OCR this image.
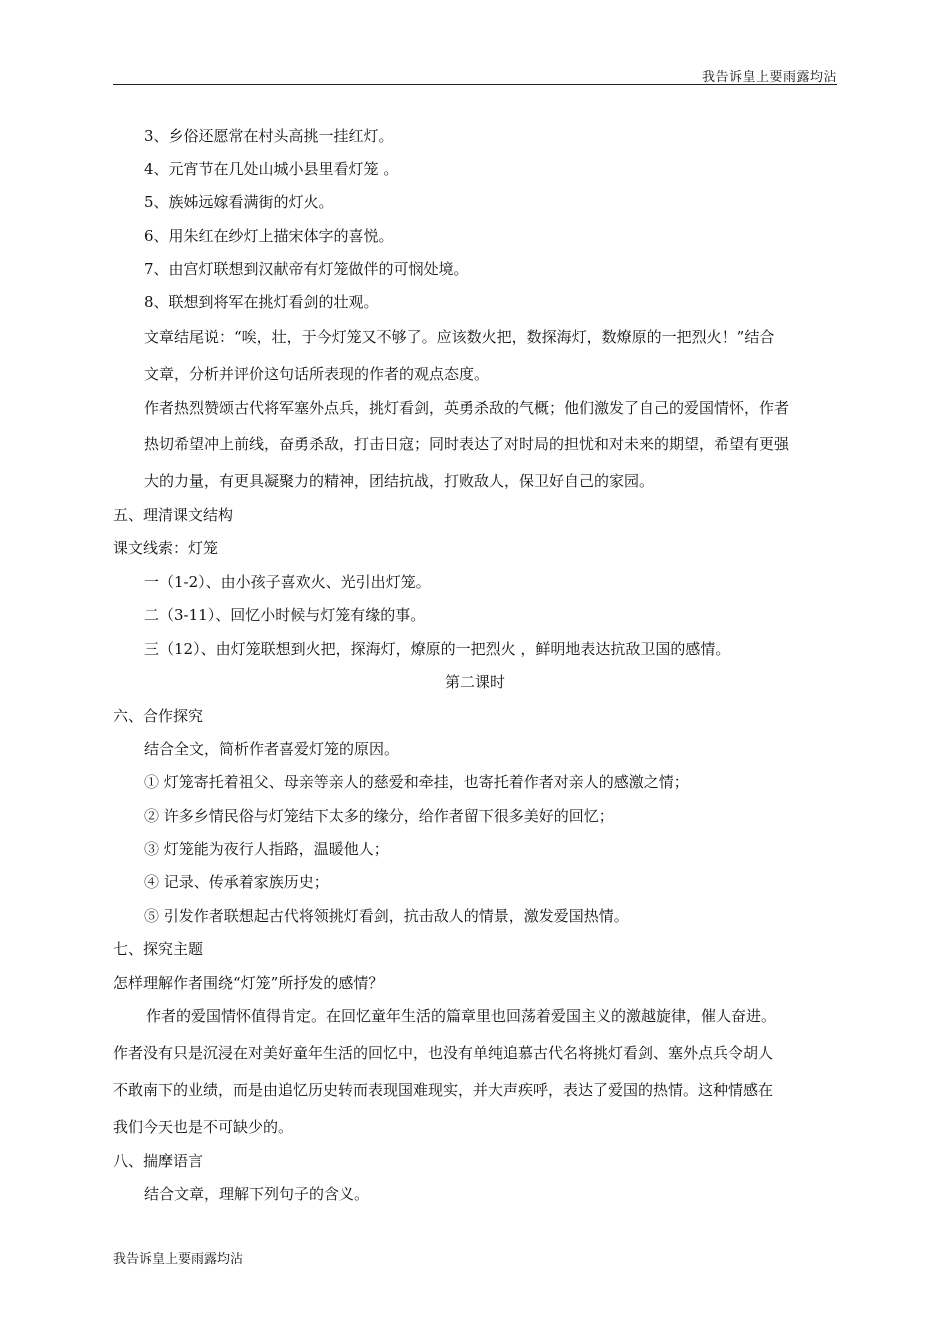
我告诉皇上要雨露均沾
3、乡俗还愿常在村头高挑一挂红灯。
4、元宵节在几处山城小县里看灯笼 。
5、族姊远嫁看满街的灯火。
6、用朱红在纱灯上描宋体字的喜悦。
7、由宫灯联想到汉献帝有灯笼做伴的可悯处境。
8、联想到将军在挑灯看剑的壮观。
文章结尾说：“唉，壮，于今灯笼又不够了。应该数火把，数探海灯，数燎原的一把烈火！”结合
文章，分析并评价这句话所表现的作者的观点态度。
作者热烈赞颂古代将军塞外点兵，挑灯看剑，英勇杀敌的气概；他们激发了自己的爱国情怀，作者
热切希望冲上前线，奋勇杀敌，打击日寇；同时表达了对时局的担忧和对未来的期望，希望有更强
大的力量，有更具凝聚力的精神，团结抗战，打败敌人，保卫好自己的家园。
五、理清课文结构
课文线索：灯笼
一（1-2）、由小孩子喜欢火、光引出灯笼。
二（3-11）、回忆小时候与灯笼有缘的事。
三（12）、由灯笼联想到火把，探海灯，燎原的一把烈火 ，鲜明地表达抗敌卫国的感情。
第二课时
六、合作探究
结合全文，简析作者喜爱灯笼的原因。
① 灯笼寄托着祖父、母亲等亲人的慈爱和牵挂，也寄托着作者对亲人的感激之情；
② 许多乡情民俗与灯笼结下太多的缘分，给作者留下很多美好的回忆；
③ 灯笼能为夜行人指路，温暖他人；
④ 记录、传承着家族历史；
⑤ 引发作者联想起古代将领挑灯看剑，抗击敌人的情景，激发爱国热情。
七、探究主题
怎样理解作者围绕“灯笼”所抒发的感情？
作者的爱国情怀值得肯定。在回忆童年生活的篇章里也回荡着爱国主义的激越旋律，催人奋进。
作者没有只是沉浸在对美好童年生活的回忆中，也没有单纯追慕古代名将挑灯看剑、塞外点兵令胡人
不敢南下的业绩，而是由追忆历史转而表现国难现实，并大声疾呼，表达了爱国的热情。这种情感在
我们今天也是不可缺少的。
八、揣摩语言
结合文章，理解下列句子的含义。
我告诉皇上要雨露均沾
